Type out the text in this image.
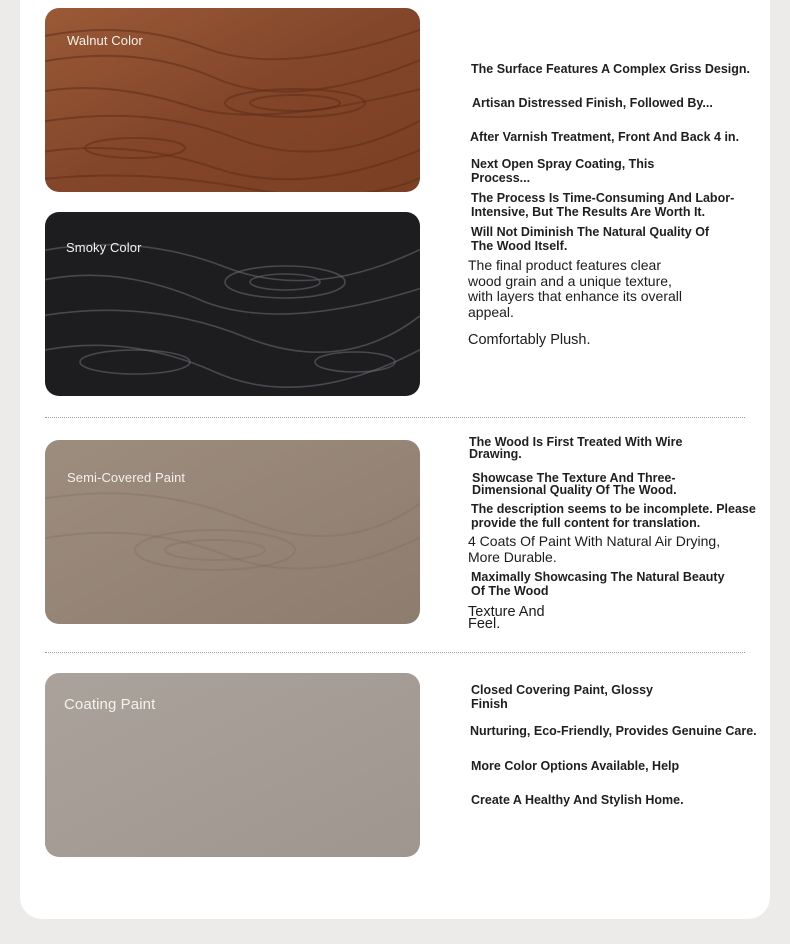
Walnut Color
Smoky Color
The Surface Features A Complex Griss Design.
Artisan Distressed Finish, Followed By...
After Varnish Treatment, Front And Back 4 in.
Next Open Spray Coating, This Process...
The Process Is Time-Consuming And Labor-Intensive, But The Results Are Worth It.
Will Not Diminish The Natural Quality Of The Wood Itself.
The final product features clear wood grain and a unique texture, with layers that enhance its overall appeal.
Comfortably Plush.
Semi-Covered Paint
The Wood Is First Treated With Wire Drawing.
Showcase The Texture And Three-Dimensional Quality Of The Wood.
The description seems to be incomplete. Please provide the full content for translation.
4 Coats Of Paint With Natural Air Drying, More Durable.
Maximally Showcasing The Natural Beauty Of The Wood
Texture And Feel.
Coating Paint
Closed Covering Paint, Glossy Finish
Nurturing, Eco-Friendly, Provides Genuine Care.
More Color Options Available, Help
Create A Healthy And Stylish Home.
